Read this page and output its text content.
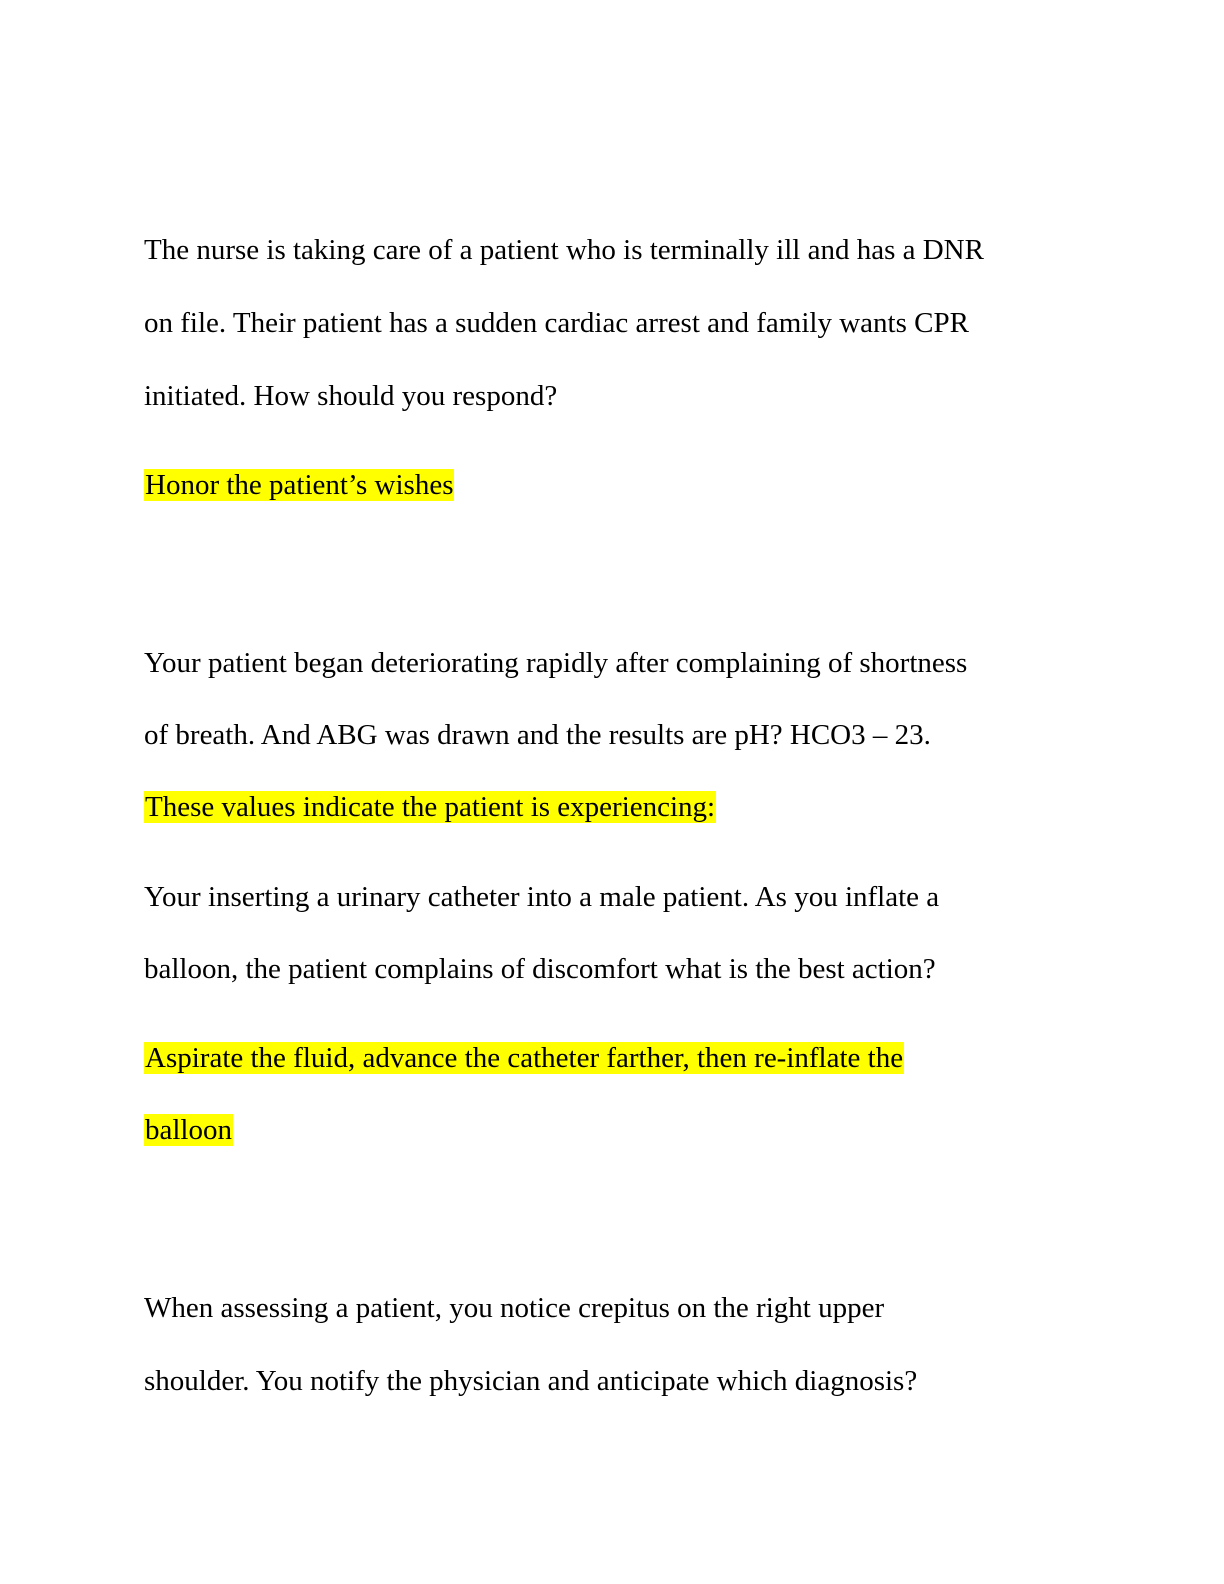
The nurse is taking care of a patient who is terminally ill and has a DNR

on file. Their patient has a sudden cardiac arrest and family wants CPR

initiated. How should you respond?

Honor the patient’s wishes

Your patient began deteriorating rapidly after complaining of shortness

of breath. And ABG was drawn and the results are pH? HCO3 – 23.

These values indicate the patient is experiencing:

Your inserting a urinary catheter into a male patient. As you inflate a

balloon, the patient complains of discomfort what is the best action?

Aspirate the fluid, advance the catheter farther, then re-inflate the

balloon

When assessing a patient, you notice crepitus on the right upper

shoulder. You notify the physician and anticipate which diagnosis?
